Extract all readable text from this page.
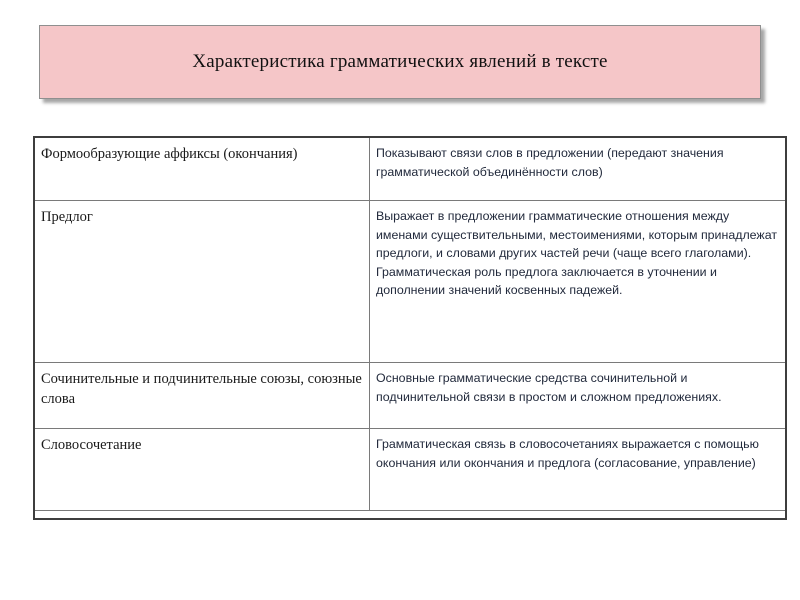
Характеристика грамматических явлений в тексте
Формообразующие аффиксы (окончания)	Показывают связи слов в предложении (передают значения грамматической объединённости слов)
Предлог	Выражает в предложении грамматические отношения между именами существительными, местоимениями, которым принадлежат предлоги, и словами других частей речи (чаще всего глаголами). Грамматическая роль предлога заключается в уточнении и дополнении значений косвенных падежей.
Сочинительные и подчинительные союзы, союзные слова	Основные грамматические средства сочинительной и подчинительной связи в простом и сложном предложениях.
Словосочетание	Грамматическая связь в словосочетаниях выражается с помощью окончания или окончания и предлога (согласование, управление)
